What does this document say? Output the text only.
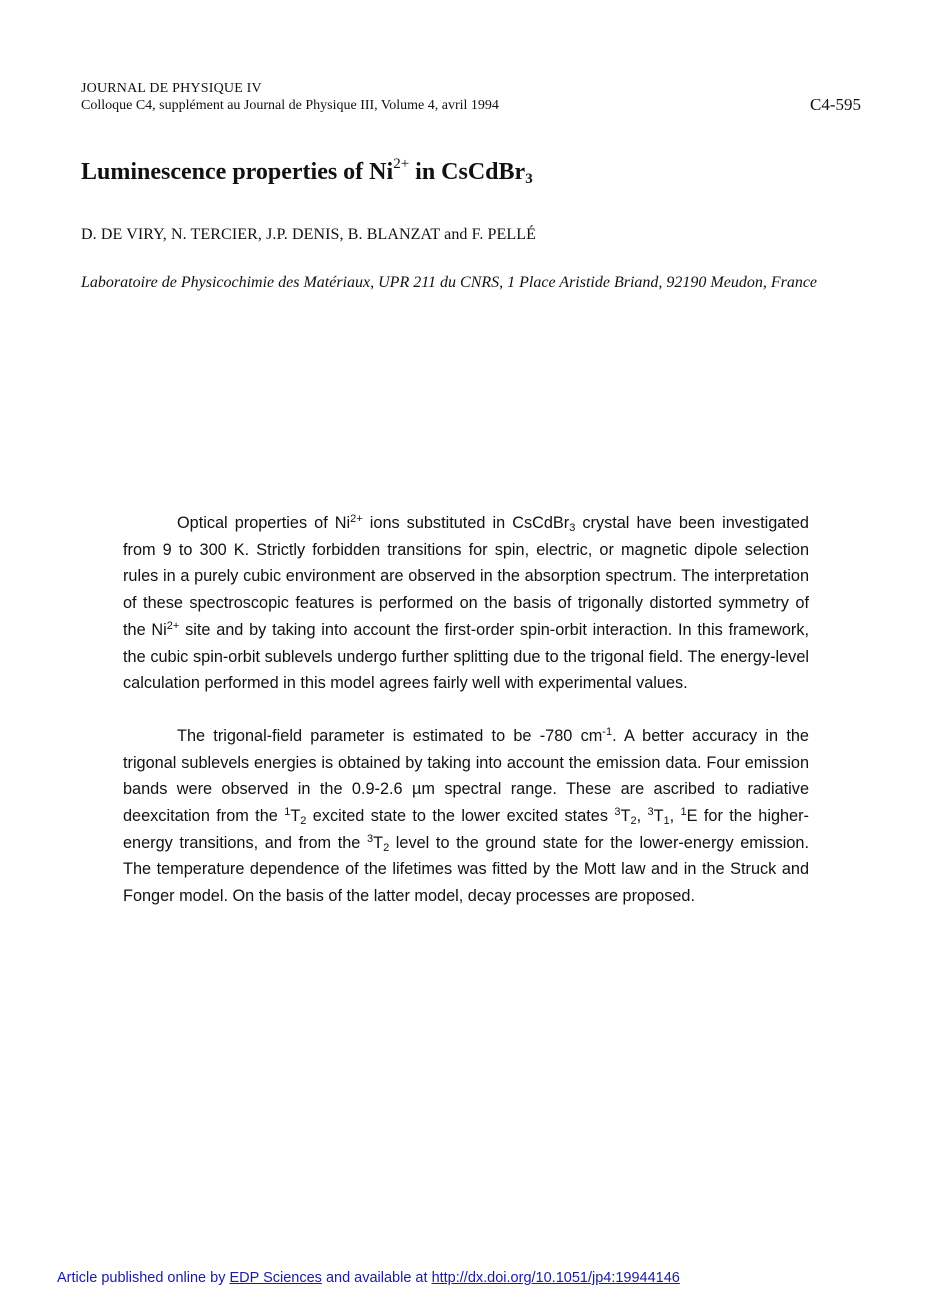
JOURNAL DE PHYSIQUE IV
Colloque C4, supplément au Journal de Physique III, Volume 4, avril 1994	C4-595
Luminescence properties of $Ni^{2+}$ in CsCdBr$_3$
D. DE VIRY, N. TERCIER, J.P. DENIS, B. BLANZAT and F. PELLÉ
Laboratoire de Physicochimie des Matériaux, UPR 211 du CNRS, 1 Place Aristide Briand, 92190 Meudon, France

Optical properties of $Ni^{2+}$ ions substituted in CsCdBr$_3$ crystal have been investigated from 9 to 300 K. Strictly forbidden transitions for spin, electric, or magnetic dipole selection rules in a purely cubic environment are observed in the absorption spectrum. The interpretation of these spectroscopic features is performed on the basis of trigonally distorted symmetry of the $Ni^{2+}$ site and by taking into account the first-order spin-orbit interaction. In this framework, the cubic spin-orbit sublevels undergo further splitting due to the trigonal field. The energy-level calculation performed in this model agrees fairly well with experimental values.

The trigonal-field parameter is estimated to be -780 $cm^{-1}$. A better accuracy in the trigonal sublevels energies is obtained by taking into account the emission data. Four emission bands were observed in the 0.9-2.6 µm spectral range. These are ascribed to radiative deexcitation from the $^1T_2$ excited state to the lower excited states $^3T_2$, $^3T_1$, $^1$E for the higher-energy transitions, and from the $^3T_2$ level to the ground state for the lower-energy emission. The temperature dependence of the lifetimes was fitted by the Mott law and in the Struck and Fonger model. On the basis of the latter model, decay processes are proposed.

Article published online by EDP Sciences and available at http://dx.doi.org/10.1051/jp4:19944146
